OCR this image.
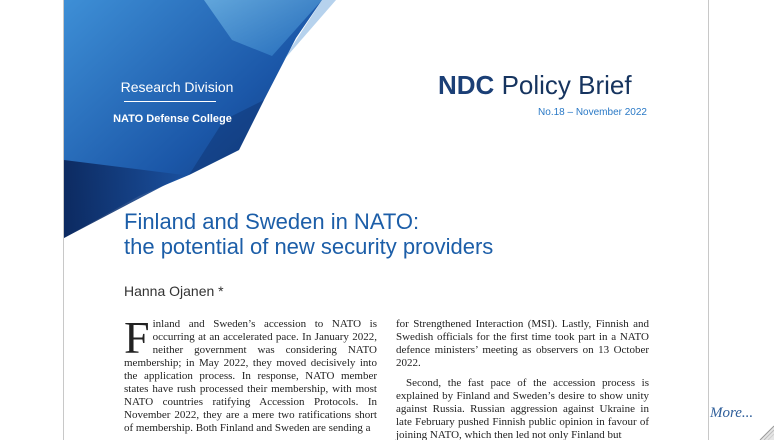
Research Division
NATO Defense College
NDC Policy Brief
No.18 – November 2022
Finland and Sweden in NATO:
the potential of new security providers
Hanna Ojanen *

Finland and Sweden’s accession to NATO is occurring at an accelerated pace. In January 2022, neither government was considering NATO membership; in May 2022, they moved decisively into the application process. In response, NATO member states have rush processed their membership, with most NATO countries ratifying Accession Protocols. In November 2022, they are a mere two ratifications short of membership. Both Finland and Sweden are sending a

for Strengthened Interaction (MSI). Lastly, Finnish and Swedish officials for the first time took part in a NATO defence ministers’ meeting as observers on 13 October 2022.

Second, the fast pace of the accession process is explained by Finland and Sweden’s desire to show unity against Russia. Russian aggression against Ukraine in late February pushed Finnish public opinion in favour of joining NATO, which then led not only Finland but

More...
